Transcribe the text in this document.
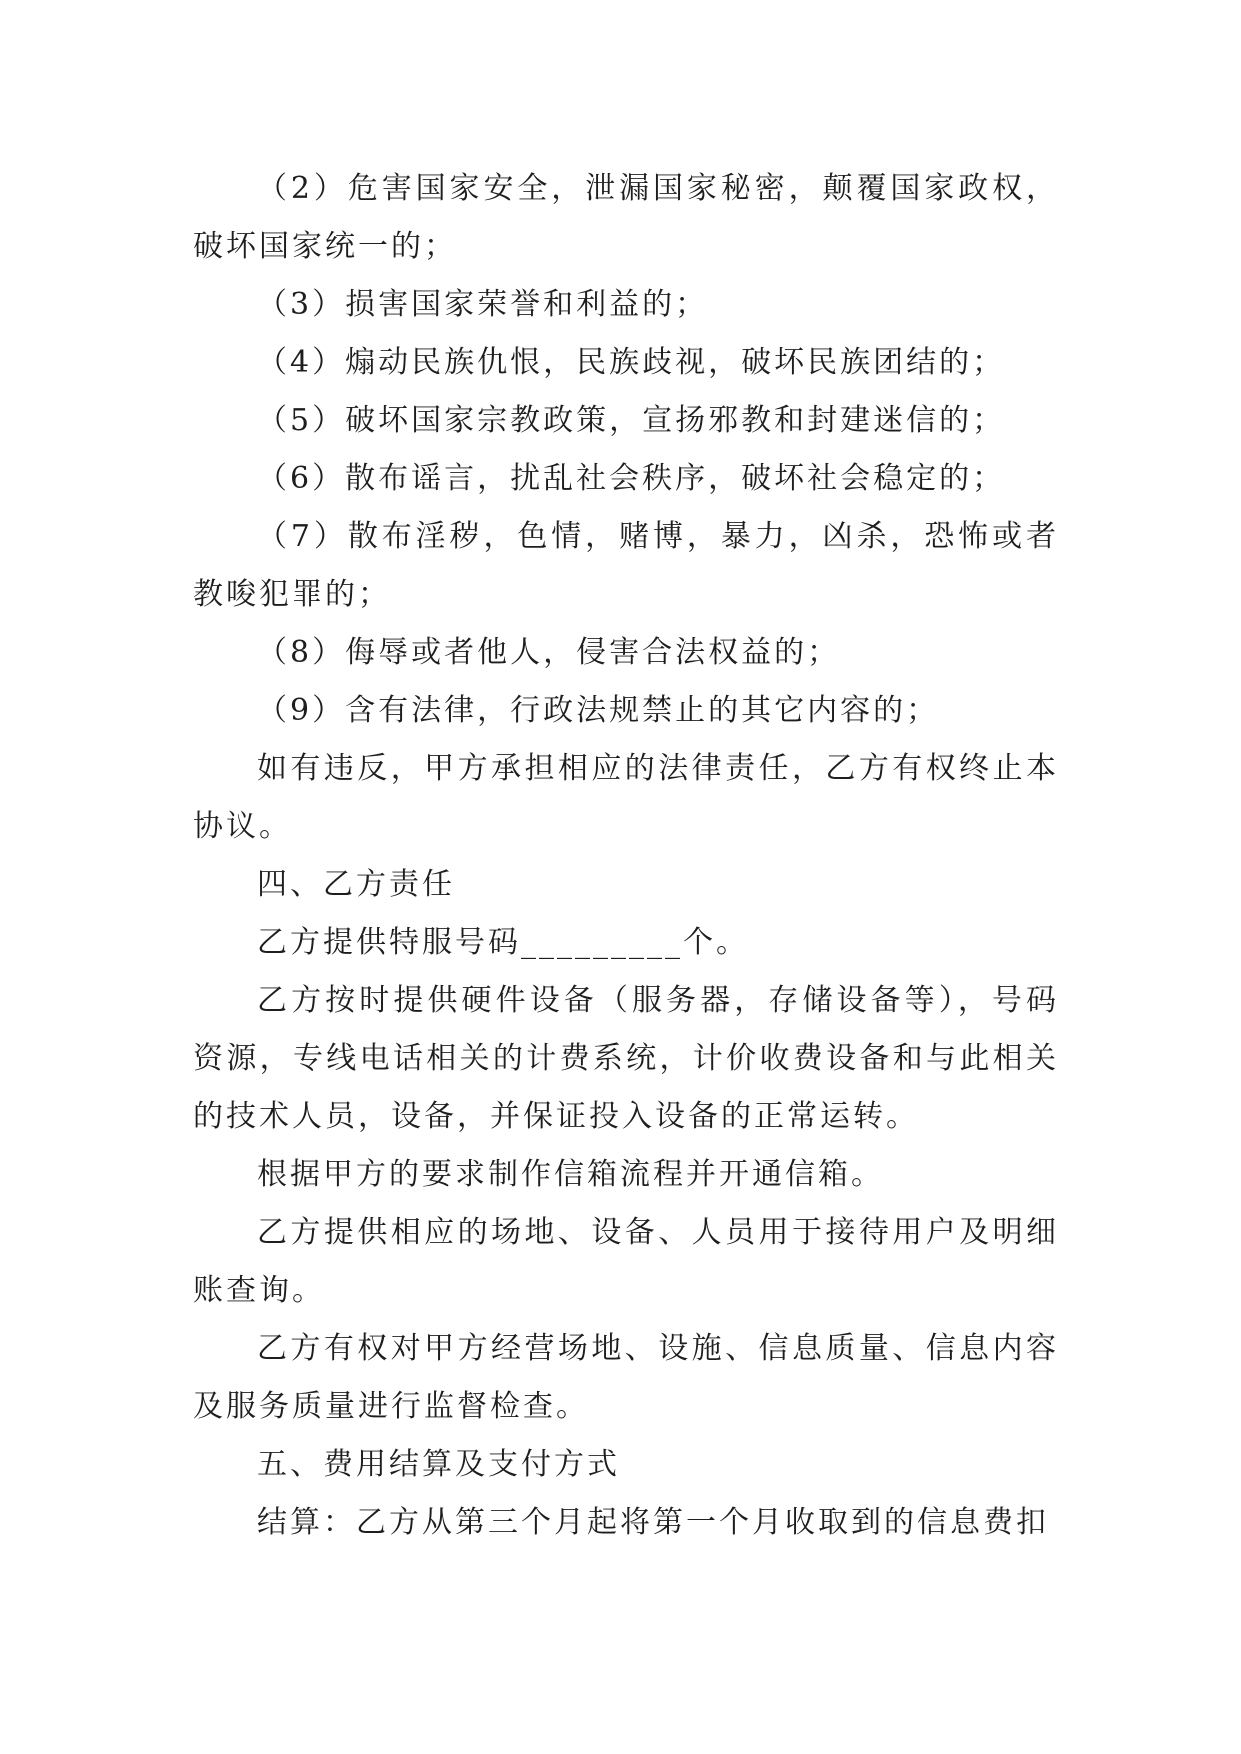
（2）危害国家安全，泄漏国家秘密，颠覆国家政权，破坏国家统一的；

（3）损害国家荣誉和利益的；

（4）煽动民族仇恨，民族歧视，破坏民族团结的；

（5）破坏国家宗教政策，宣扬邪教和封建迷信的；

（6）散布谣言，扰乱社会秩序，破坏社会稳定的；

（7）散布淫秽，色情，赌博，暴力，凶杀，恐怖或者教唆犯罪的；

（8）侮辱或者他人，侵害合法权益的；

（9）含有法律，行政法规禁止的其它内容的；

如有违反，甲方承担相应的法律责任，乙方有权终止本协议。

四、乙方责任

乙方提供特服号码_________个。

乙方按时提供硬件设备（服务器，存储设备等），号码资源，专线电话相关的计费系统，计价收费设备和与此相关的技术人员，设备，并保证投入设备的正常运转。

根据甲方的要求制作信箱流程并开通信箱。

乙方提供相应的场地、设备、人员用于接待用户及明细账查询。

乙方有权对甲方经营场地、设施、信息质量、信息内容及服务质量进行监督检查。

五、费用结算及支付方式

结算：乙方从第三个月起将第一个月收取到的信息费扣
